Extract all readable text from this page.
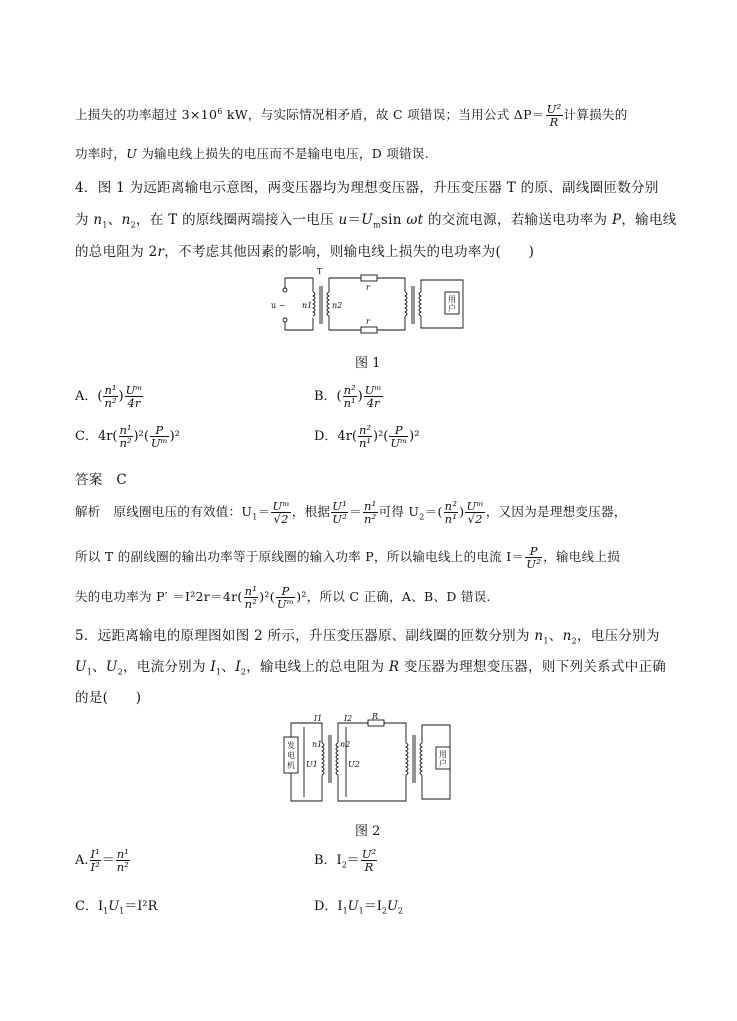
上损失的功率超过 $3\times 10^6$ kW，与实际情况相矛盾，故 C 项错误；当用公式 $\Delta P= \frac{\text{U²}}{R}$ 计算损失的
功率时，U 为输电线上损失的电压而不是输电电压，D 项错误.
4．图 1 为远距离输电示意图，两变压器均为理想变压器，升压变压器 T 的原、副线圈匝数分别
为 $n_1$、$n_2$，在 T 的原线圈两端接入一电压 $u=U_m\sin$ ωt 的交流电源，若输送电功率为 P，输电线
的总电阻为 2r，不考虑其他因素的影响，则输电线上损失的电功率为(　　)
u ~
T
n1 n2
r
r
用
户
图 1
A．( $\frac{\text{n¹}}{\text{n²}}$ ) $\frac{\text{Uᵐ}}{4r}$	B．( $\frac{\text{n²}}{\text{n¹}}$ ) $\frac{\text{Uᵐ}}{4r}$
C．$4r( \frac{\text{n¹}}{\text{n²}} )^2( \frac{P}{\text{Uᵐ}} )^2$	D．$4r( \frac{\text{n²}}{\text{n¹}} )^2( \frac{P}{\text{Uᵐ}} )^2$
答案　C
解析　原线圈电压的有效值：$U_1= \frac{\text{Uᵐ}}{√2}$ ，根据 $\frac{\text{U¹}}{\text{U²}} = \frac{\text{n¹}}{\text{n²}}$ 可得 $U_2=( \frac{\text{n²}}{\text{n¹}}$ ) $\frac{\text{Uᵐ}}{√2}$ ，又因为是理想变压器，
所以 T 的副线圈的输出功率等于原线圈的输入功率 P，所以输电线上的电流 $I= \frac{P}{\text{U²}}$ ，输电线上损
失的电功率为 $P' =I^22r=4r( \frac{\text{n¹}}{\text{n²}} )^2( \frac{P}{\text{Uᵐ}} )^2$，所以 C 正确，A、B、D 错误.
5．远距离输电的原理图如图 2 所示，升压变压器原、副线圈的匝数分别为 $n_1$、$n_2$，电压分别为
$U_1$、$U_2$，电流分别为 $I_1$、$I_2$，输电线上的总电阻为 R 变压器为理想变压器，则下列关系式中正确
的是(　　)
发
电
机
I1	I2 R
n1 n2
U1	U2
用
户
图 2
A. $\frac{\text{I¹}}{\text{I²}} = \frac{\text{n¹}}{\text{n²}}$	B．$I_2= \frac{\text{U²}}{R}$
C．$I_1U_1=I^2R$	D．$I_1U_1=I_2U_2$
